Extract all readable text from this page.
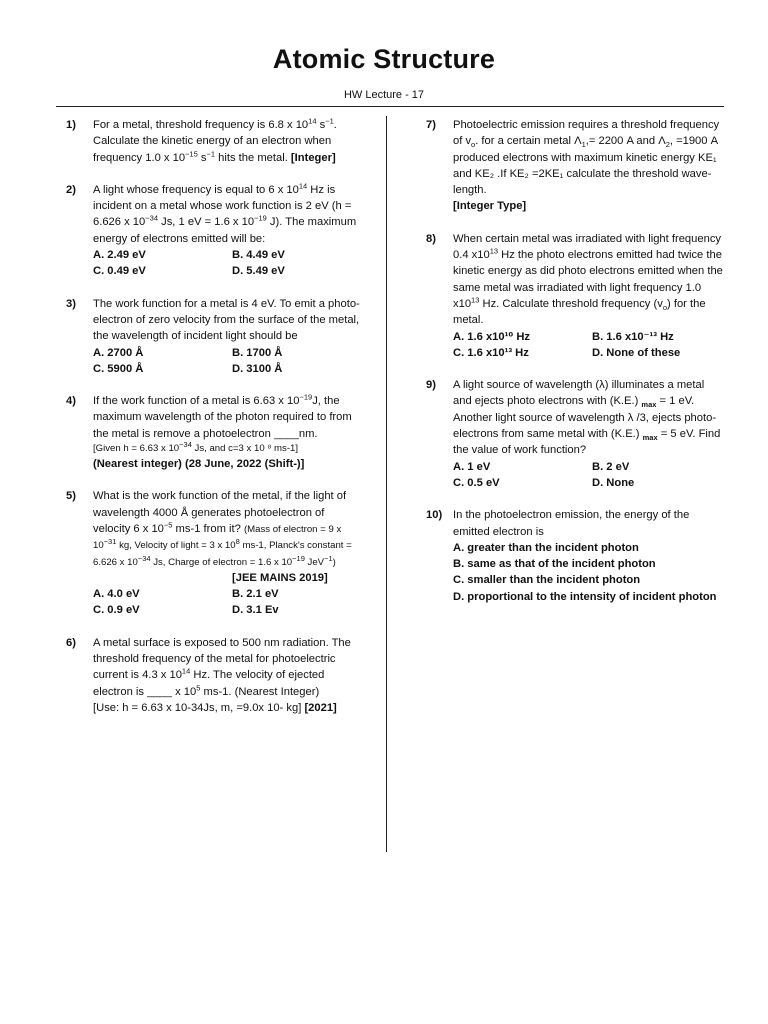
Atomic Structure
HW Lecture - 17
1) For a metal, threshold frequency is 6.8 x $10^{14}$ $s^{-1}$. Calculate the kinetic energy of an electron when frequency 1.0 x $10^{-15}$ $s^{-1}$ hits the metal. [Integer]
2) A light whose frequency is equal to 6 x $10^{14}$ Hz is incident on a metal whose work function is 2 eV (h = 6.626 x $10^{-34}$ Js, 1 eV = 1.6 x $10^{-19}$ J). The maximum energy of electrons emitted will be:
A. 2.49 eV	B. 4.49 eV
C. 0.49 eV	D. 5.49 eV
3) The work function for a metal is 4 eV. To emit a photo-electron of zero velocity from the surface of the metal, the wavelength of incident light should be
A. 2700 Å	B. 1700 Å
C. 5900 Å	D. 3100 Å
4) If the work function of a metal is 6.63 x $10^{-19}J$, the maximum wavelength of the photon required to from the metal is remove a photoelectron ____nm.
[Given h = 6.63 x $10^{-34}$ Js, and c=3 x 10 ⁸ ms-1]
(Nearest integer) (28 June, 2022 (Shift-)]
5) What is the work function of the metal, if the light of wavelength 4000 Å generates photoelectron of velocity 6 x $10^{-5}$ ms-1 from it? (Mass of electron = 9 x $10^{-31}$ kg, Velocity of light = 3 x $10^8$ ms-1, Planck's constant = 6.626 x $10^{-34}$ Js, Charge of electron = 1.6 x $10^{-19}$ JeV$^{-1}$)
[JEE MAINS 2019]
A. 4.0 eV	B. 2.1 eV
C. 0.9 eV	D. 3.1 Ev
6) A metal surface is exposed to 500 nm radiation. The threshold frequency of the metal for photoelectric current is 4.3 x $10^{14}$ Hz. The velocity of ejected electron is ____ x $10^5$ ms-1. (Nearest Integer)
[Use: h = 6.63 x 10-34Js, m, =9.0x 10- kg] [2021]
7) Photoelectric emission requires a threshold frequency of $v_o$. for a certain metal $\Lambda_1,= 2200$ A and $\Lambda_2$, =1900 A produced electrons with maximum kinetic energy KE₁ and KE₂ .If KE₂ =2KE₁ calculate the threshold wave-length.
[Integer Type]
8) When certain metal was irradiated with light frequency 0.4 $x10^{13}$ Hz the photo electrons emitted had twice the kinetic energy as did photo electrons emitted when the same metal was irradiated with light frequency 1.0 $x10^{13}$ Hz. Calculate threshold frequency $(v_o)$ for the metal.
A. 1.6 x10¹⁰ Hz	B. 1.6 x10⁻¹³ Hz
C. 1.6 x10¹³ Hz	D. None of these
9) A light source of wavelength (λ) illuminates a metal and ejects photo electrons with (K.E.) $_{max}$ = 1 eV. Another light source of wavelength λ /3, ejects photo- electrons from same metal with (K.E.) $_{max}$ = 5 eV. Find the value of work function?
A. 1 eV	B. 2 eV
C. 0.5 eV	D. None
10) In the photoelectron emission, the energy of the emitted electron is
A. greater than the incident photon
B. same as that of the incident photon
C. smaller than the incident photon
D. proportional to the intensity of incident photon
